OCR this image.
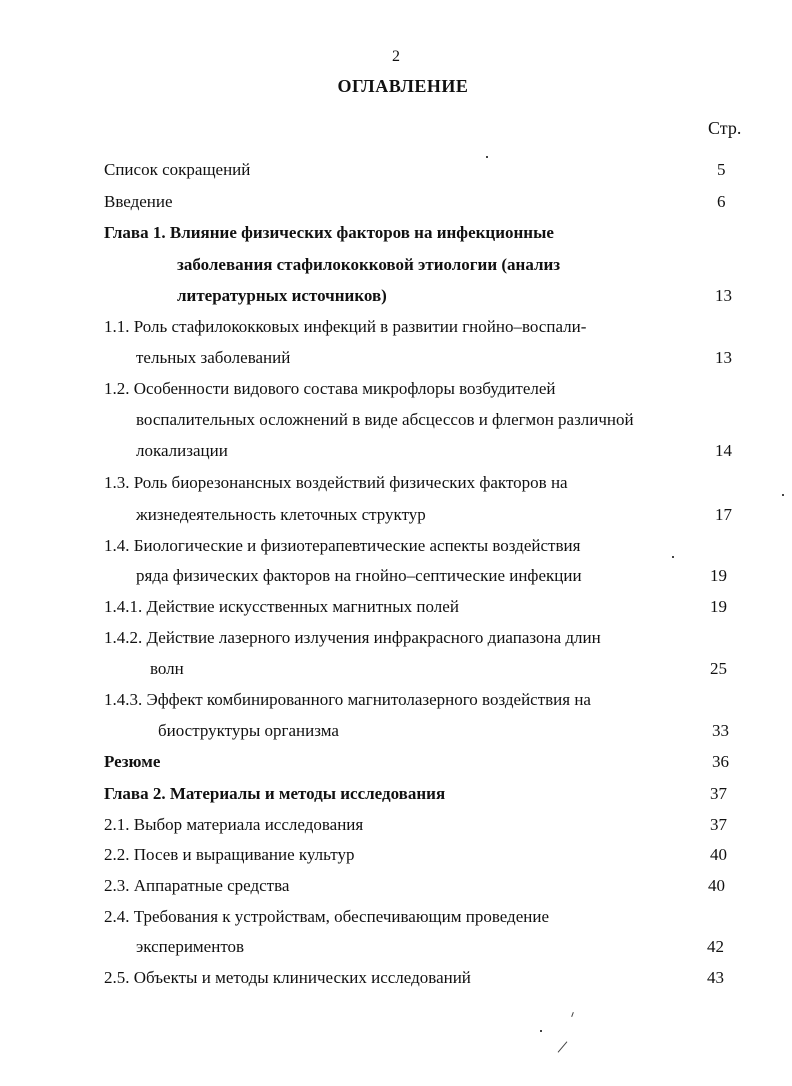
2
ОГЛАВЛЕНИЕ
Стр.
Список сокращений	5
Введение	6
Глава 1. Влияние физических факторов на инфекционные
заболевания стафилококковой этиологии (анализ
литературных источников)	13
1.1. Роль стафилококковых инфекций в развитии гнойно–воспали-
тельных заболеваний	13
1.2. Особенности видового состава микрофлоры возбудителей
воспалительных осложнений в виде абсцессов и флегмон различной
локализации	14
1.3. Роль биорезонансных воздействий физических факторов на
жизнедеятельность клеточных структур	17
1.4. Биологические и физиотерапевтические аспекты воздействия
ряда физических факторов на гнойно–септические инфекции	19
1.4.1. Действие искусственных магнитных полей	19
1.4.2. Действие лазерного излучения инфракрасного диапазона длин
волн	25
1.4.3. Эффект комбинированного магнитолазерного воздействия на
биоструктуры организма	33
Резюме	36
Глава 2. Материалы и методы исследования	37
2.1. Выбор материала исследования	37
2.2. Посев и выращивание культур	40
2.3. Аппаратные средства	40
2.4. Требования к устройствам, обеспечивающим проведение
экспериментов	42
2.5. Объекты и методы клинических исследований	43
